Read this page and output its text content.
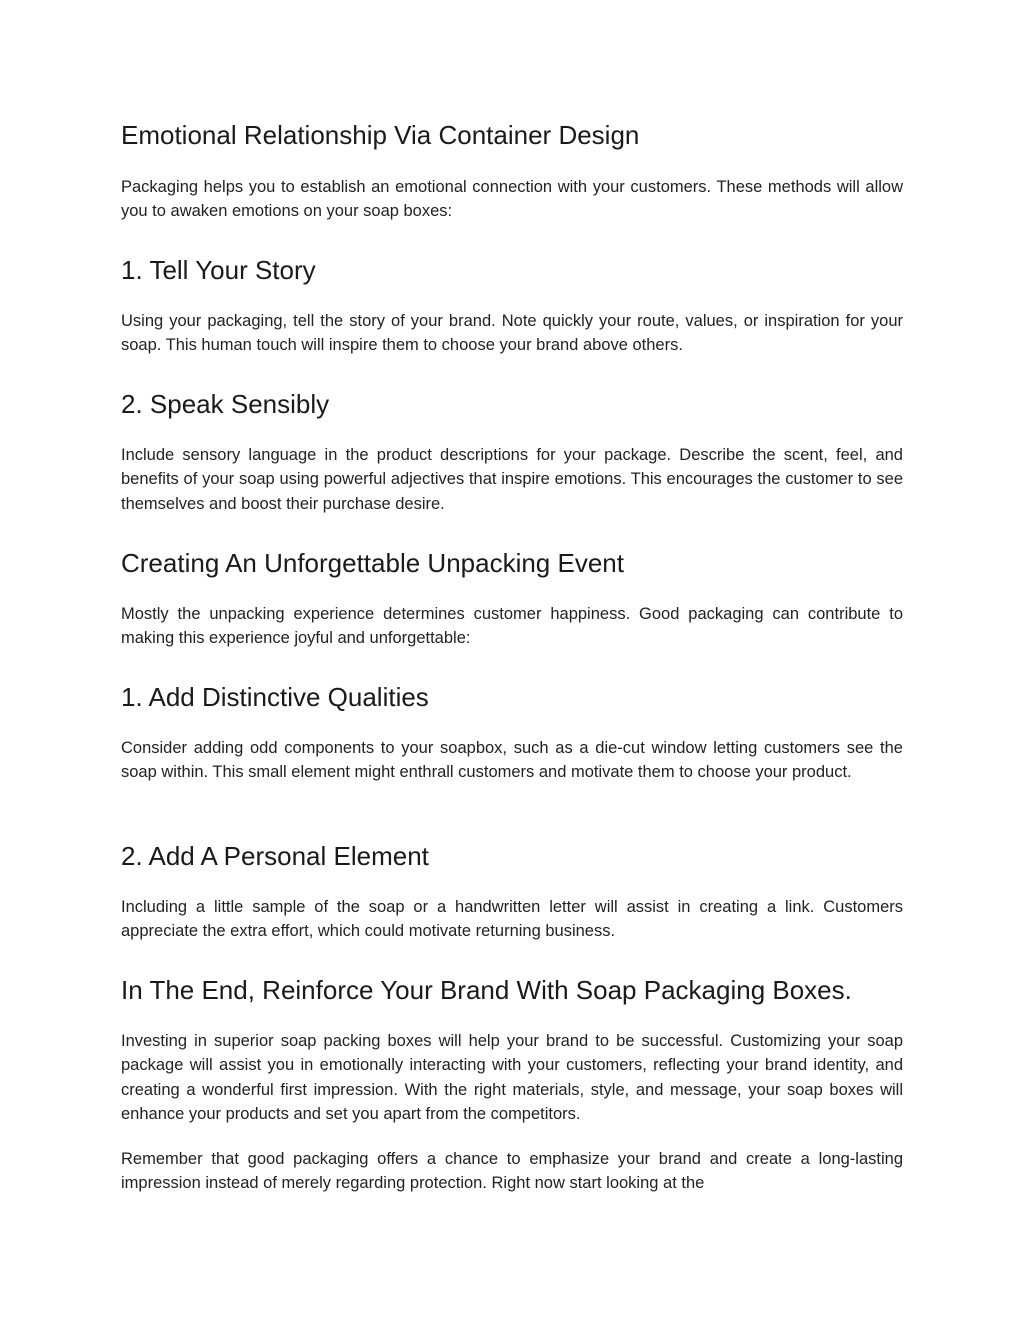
Emotional Relationship Via Container Design

Packaging helps you to establish an emotional connection with your customers. These methods will allow you to awaken emotions on your soap boxes:

1. Tell Your Story

Using your packaging, tell the story of your brand. Note quickly your route, values, or inspiration for your soap. This human touch will inspire them to choose your brand above others.

2. Speak Sensibly

Include sensory language in the product descriptions for your package. Describe the scent, feel, and benefits of your soap using powerful adjectives that inspire emotions. This encourages the customer to see themselves and boost their purchase desire.

Creating An Unforgettable Unpacking Event

Mostly the unpacking experience determines customer happiness. Good packaging can contribute to making this experience joyful and unforgettable:

1. Add Distinctive Qualities

Consider adding odd components to your soapbox, such as a die-cut window letting customers see the soap within. This small element might enthrall customers and motivate them to choose your product.

2. Add A Personal Element

Including a little sample of the soap or a handwritten letter will assist in creating a link. Customers appreciate the extra effort, which could motivate returning business.

In The End, Reinforce Your Brand With Soap Packaging Boxes.

Investing in superior soap packing boxes will help your brand to be successful. Customizing your soap package will assist you in emotionally interacting with your customers, reflecting your brand identity, and creating a wonderful first impression. With the right materials, style, and message, your soap boxes will enhance your products and set you apart from the competitors.

Remember that good packaging offers a chance to emphasize your brand and create a long-lasting impression instead of merely regarding protection. Right now start looking at the
